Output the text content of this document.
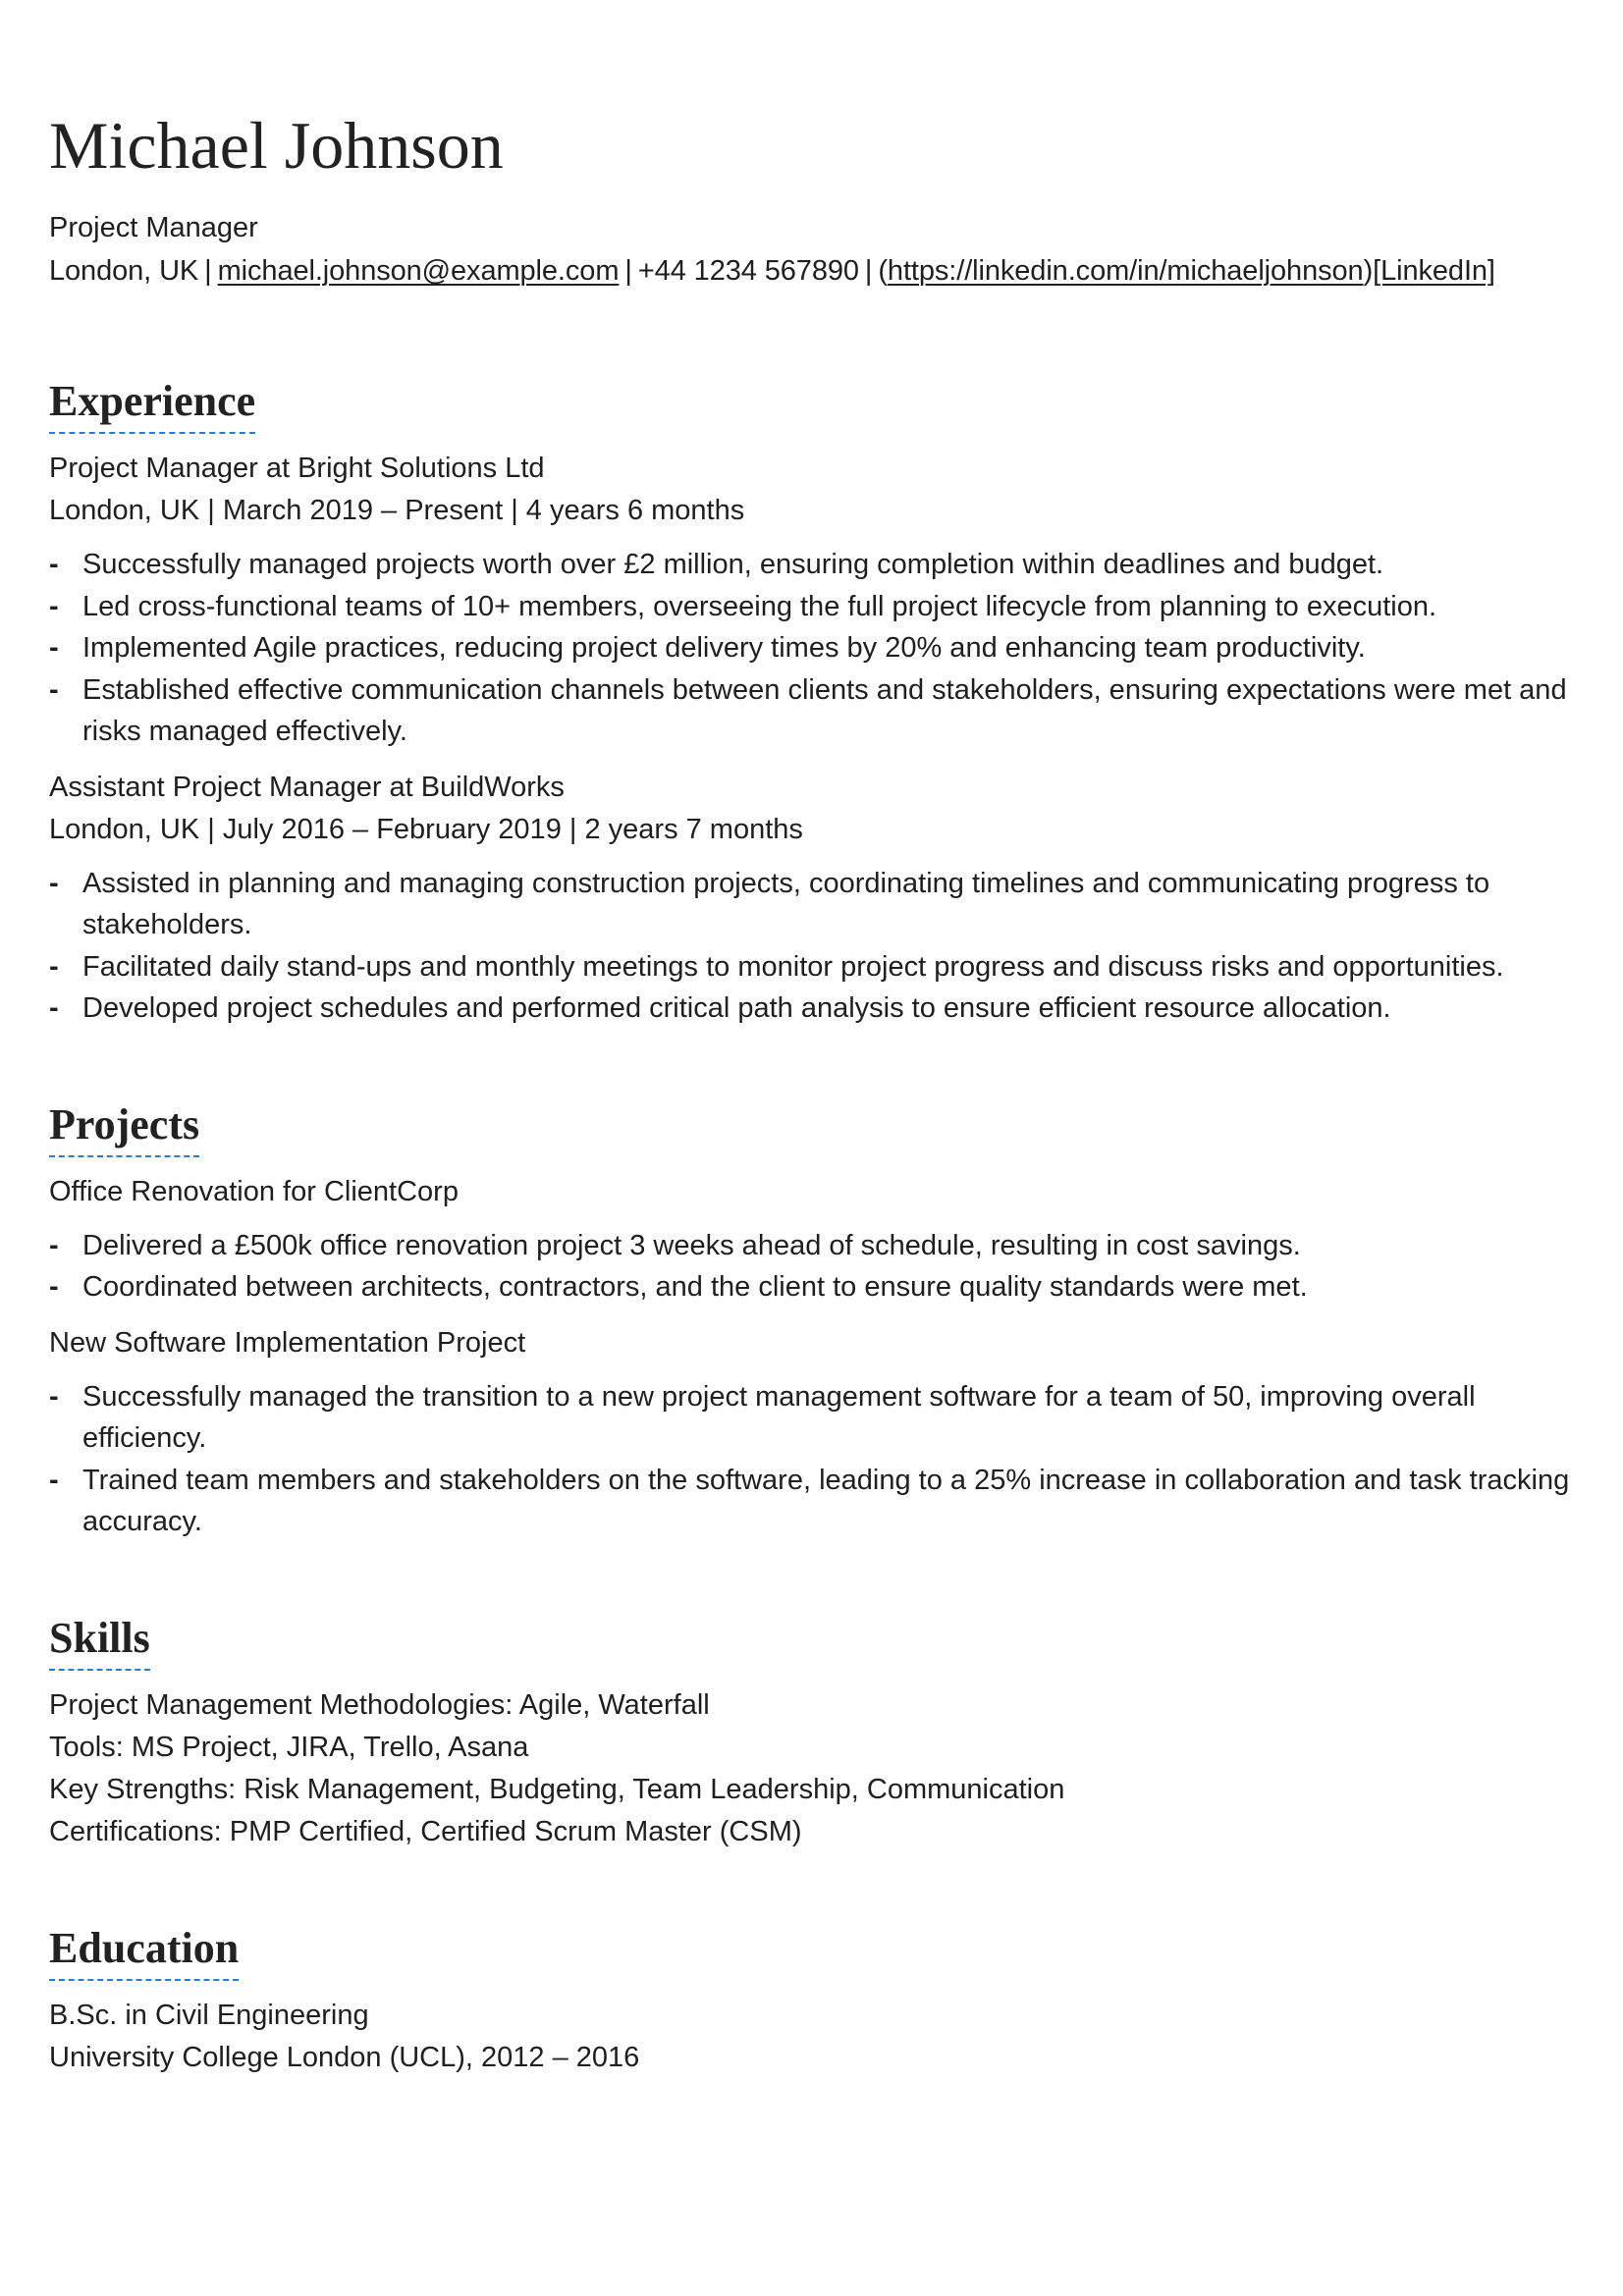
Michael Johnson
Project Manager
London, UK | michael.johnson@example.com | +44 1234 567890 | (https://linkedin.com/in/michaeljohnson)[LinkedIn]
Experience
Project Manager at Bright Solutions Ltd
London, UK | March 2019 – Present | 4 years 6 months
- Successfully managed projects worth over £2 million, ensuring completion within deadlines and budget.
- Led cross-functional teams of 10+ members, overseeing the full project lifecycle from planning to execution.
- Implemented Agile practices, reducing project delivery times by 20% and enhancing team productivity.
- Established effective communication channels between clients and stakeholders, ensuring expectations were met and risks managed effectively.
Assistant Project Manager at BuildWorks
London, UK | July 2016 – February 2019 | 2 years 7 months
- Assisted in planning and managing construction projects, coordinating timelines and communicating progress to stakeholders.
- Facilitated daily stand-ups and monthly meetings to monitor project progress and discuss risks and opportunities.
- Developed project schedules and performed critical path analysis to ensure efficient resource allocation.
Projects
Office Renovation for ClientCorp
- Delivered a £500k office renovation project 3 weeks ahead of schedule, resulting in cost savings.
- Coordinated between architects, contractors, and the client to ensure quality standards were met.
New Software Implementation Project
- Successfully managed the transition to a new project management software for a team of 50, improving overall efficiency.
- Trained team members and stakeholders on the software, leading to a 25% increase in collaboration and task tracking accuracy.
Skills
Project Management Methodologies: Agile, Waterfall
Tools: MS Project, JIRA, Trello, Asana
Key Strengths: Risk Management, Budgeting, Team Leadership, Communication
Certifications: PMP Certified, Certified Scrum Master (CSM)
Education
B.Sc. in Civil Engineering
University College London (UCL), 2012 – 2016
